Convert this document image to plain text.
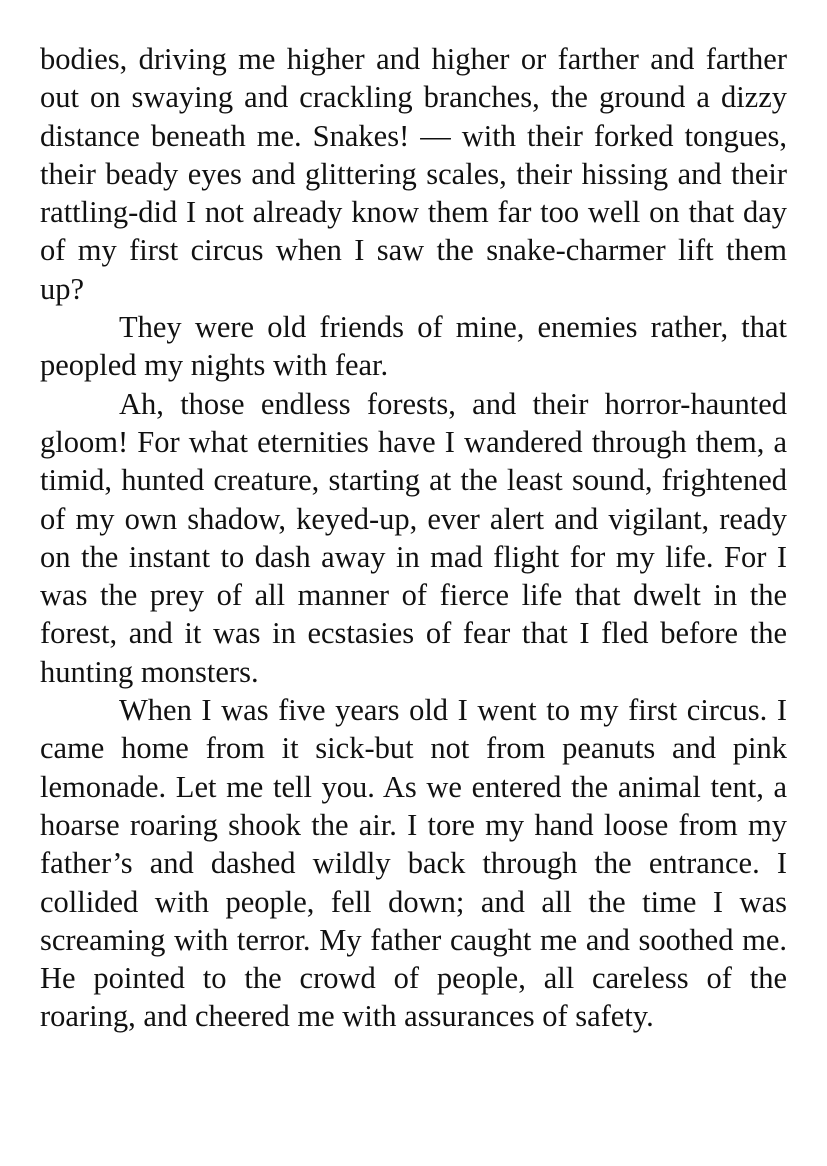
bodies, driving me higher and higher or farther and farther out on swaying and crackling branches, the ground a dizzy distance beneath me. Snakes! — with their forked tongues, their beady eyes and glittering scales, their hissing and their rattling-did I not already know them far too well on that day of my first circus when I saw the snake-charmer lift them up?

They were old friends of mine, enemies rather, that peopled my nights with fear.

Ah, those endless forests, and their horror-haunted gloom! For what eternities have I wandered through them, a timid, hunted creature, starting at the least sound, frightened of my own shadow, keyed-up, ever alert and vigilant, ready on the instant to dash away in mad flight for my life. For I was the prey of all manner of fierce life that dwelt in the forest, and it was in ecstasies of fear that I fled before the hunting monsters.

When I was five years old I went to my first circus. I came home from it sick-but not from peanuts and pink lemonade. Let me tell you. As we entered the animal tent, a hoarse roaring shook the air. I tore my hand loose from my father’s and dashed wildly back through the entrance. I collided with people, fell down; and all the time I was screaming with terror. My father caught me and soothed me. He pointed to the crowd of people, all careless of the roaring, and cheered me with assurances of safety.
